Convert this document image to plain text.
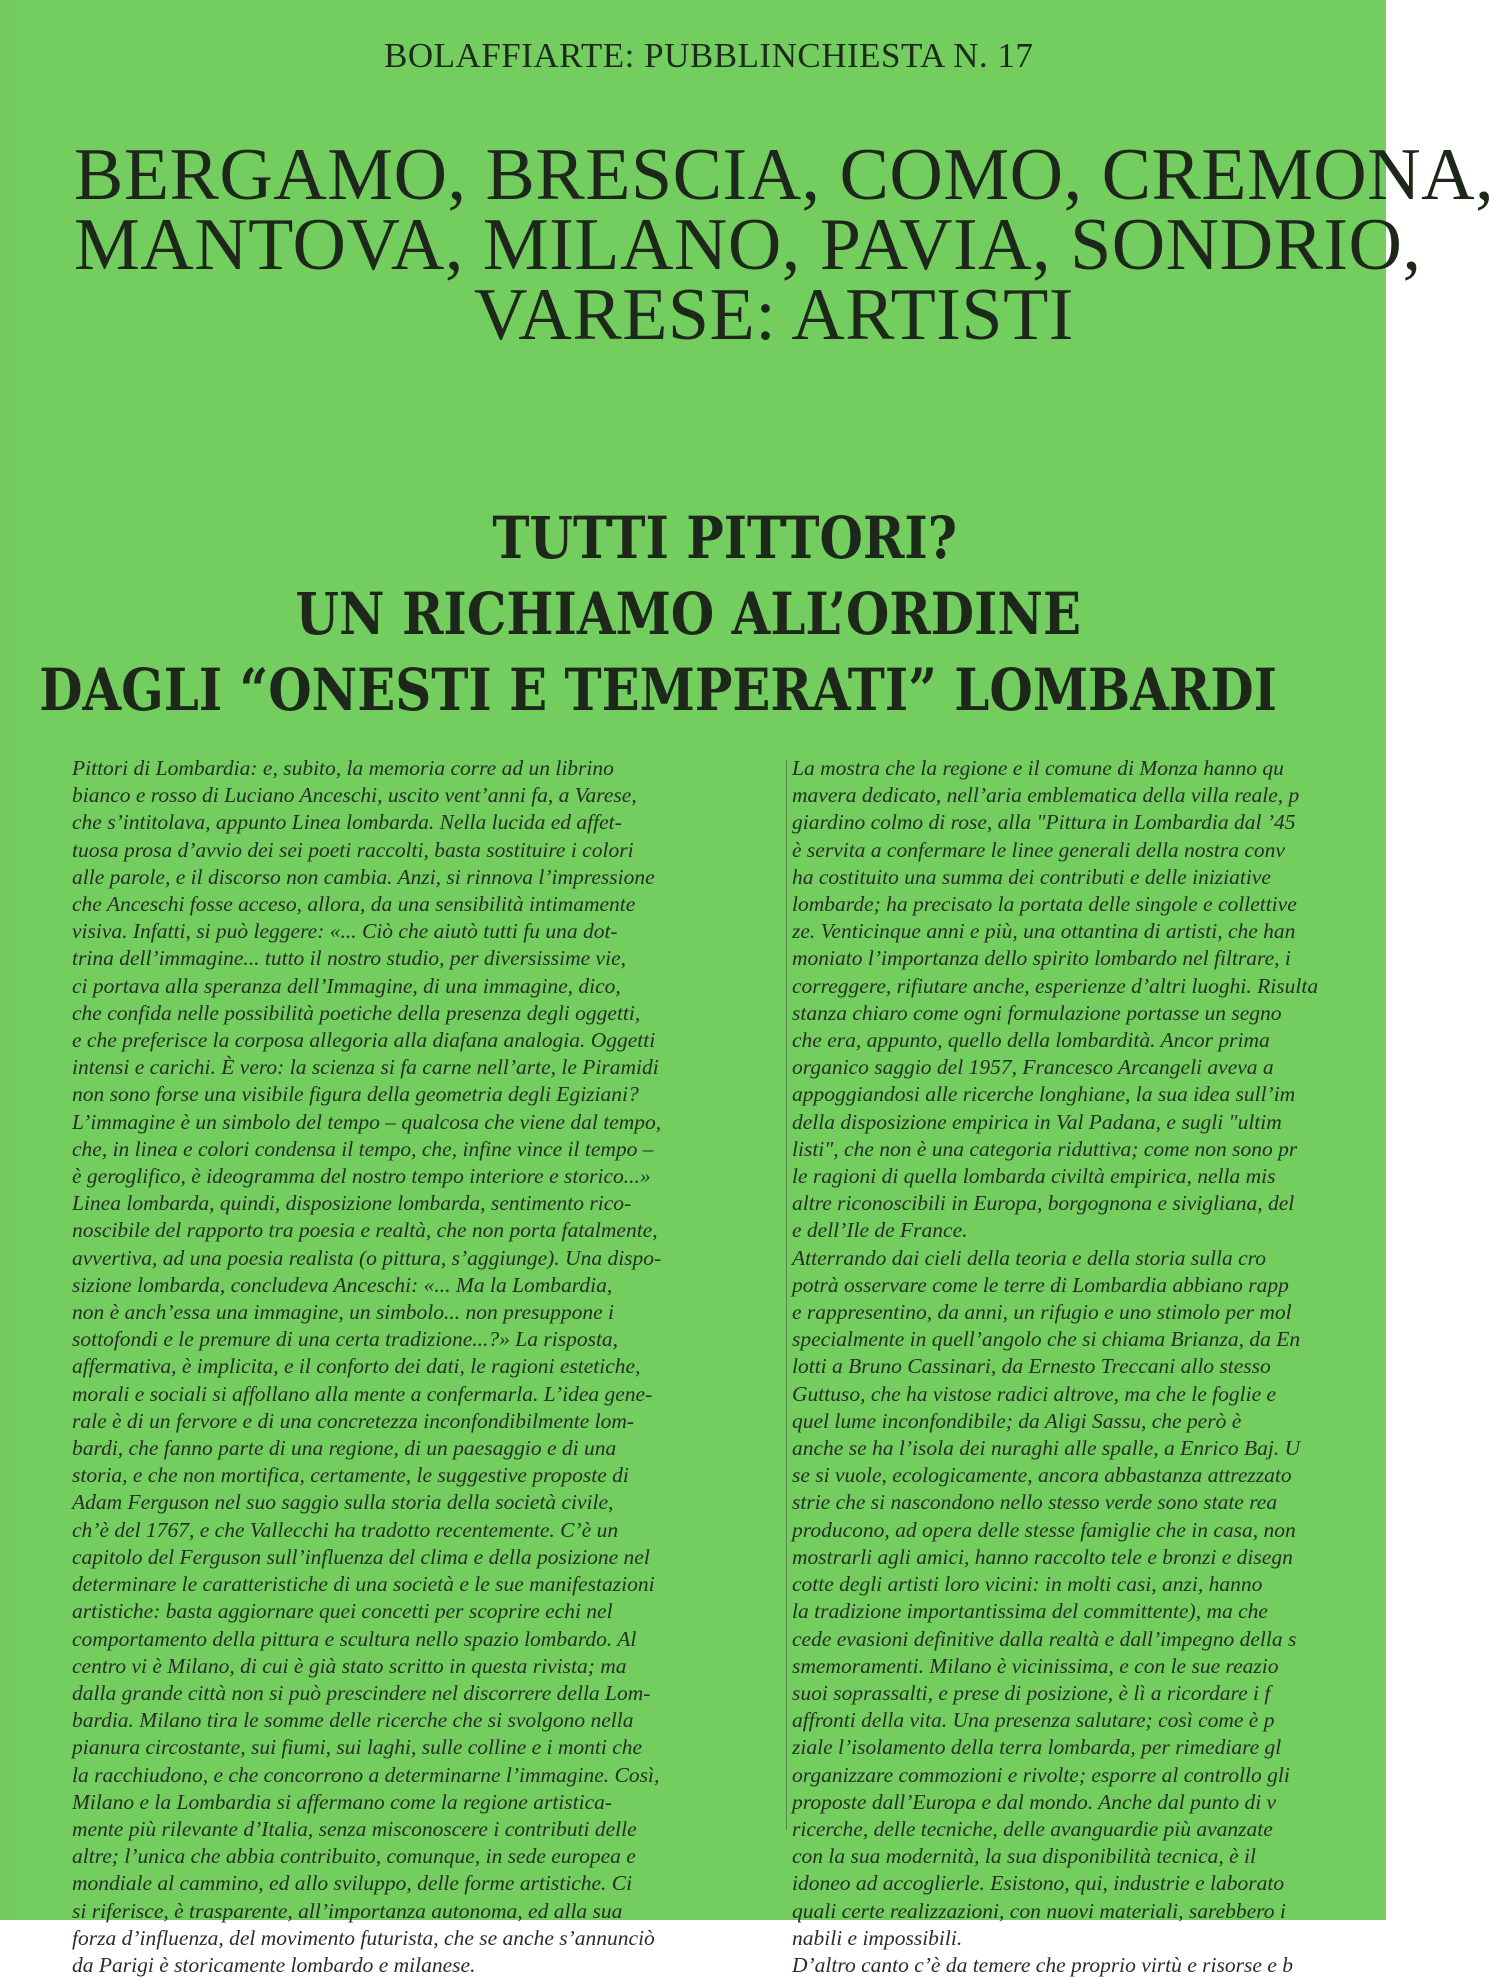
BOLAFFIARTE: PUBBLINCHIESTA N. 17
BERGAMO, BRESCIA, COMO, CREMONA,
MANTOVA, MILANO, PAVIA, SONDRIO,
VARESE: ARTISTI
TUTTI PITTORI?
UN RICHIAMO ALL’ORDINE
DAGLI “ONESTI E TEMPERATI” LOMBARDI
Pittori di Lombardia: e, subito, la memoria corre ad un librino
bianco e rosso di Luciano Anceschi, uscito vent’anni fa, a Varese,
che s’intitolava, appunto Linea lombarda. Nella lucida ed affet-
tuosa prosa d’avvio dei sei poeti raccolti, basta sostituire i colori
alle parole, e il discorso non cambia. Anzi, si rinnova l’impressione
che Anceschi fosse acceso, allora, da una sensibilità intimamente
visiva. Infatti, si può leggere: «... Ciò che aiutò tutti fu una dot-
trina dell’immagine... tutto il nostro studio, per diversissime vie,
ci portava alla speranza dell’Immagine, di una immagine, dico,
che confida nelle possibilità poetiche della presenza degli oggetti,
e che preferisce la corposa allegoria alla diafana analogia. Oggetti
intensi e carichi. È vero: la scienza si fa carne nell’arte, le Piramidi
non sono forse una visibile figura della geometria degli Egiziani?
L’immagine è un simbolo del tempo – qualcosa che viene dal tempo,
che, in linea e colori condensa il tempo, che, infine vince il tempo –
è geroglifico, è ideogramma del nostro tempo interiore e storico...»
Linea lombarda, quindi, disposizione lombarda, sentimento rico-
noscibile del rapporto tra poesia e realtà, che non porta fatalmente,
avvertiva, ad una poesia realista (o pittura, s’aggiunge). Una dispo-
sizione lombarda, concludeva Anceschi: «... Ma la Lombardia,
non è anch’essa una immagine, un simbolo... non presuppone i
sottofondi e le premure di una certa tradizione...?» La risposta,
affermativa, è implicita, e il conforto dei dati, le ragioni estetiche,
morali e sociali si affollano alla mente a confermarla. L’idea gene-
rale è di un fervore e di una concretezza inconfondibilmente lom-
bardi, che fanno parte di una regione, di un paesaggio e di una
storia, e che non mortifica, certamente, le suggestive proposte di
Adam Ferguson nel suo saggio sulla storia della società civile,
ch’è del 1767, e che Vallecchi ha tradotto recentemente. C’è un
capitolo del Ferguson sull’influenza del clima e della posizione nel
determinare le caratteristiche di una società e le sue manifestazioni
artistiche: basta aggiornare quei concetti per scoprire echi nel
comportamento della pittura e scultura nello spazio lombardo. Al
centro vi è Milano, di cui è già stato scritto in questa rivista; ma
dalla grande città non si può prescindere nel discorrere della Lom-
bardia. Milano tira le somme delle ricerche che si svolgono nella
pianura circostante, sui fiumi, sui laghi, sulle colline e i monti che
la racchiudono, e che concorrono a determinarne l’immagine. Così,
Milano e la Lombardia si affermano come la regione artistica-
mente più rilevante d’Italia, senza misconoscere i contributi delle
altre; l’unica che abbia contribuito, comunque, in sede europea e
mondiale al cammino, ed allo sviluppo, delle forme artistiche. Ci
si riferisce, è trasparente, all’importanza autonoma, ed alla sua
forza d’influenza, del movimento futurista, che se anche s’annunciò
da Parigi è storicamente lombardo e milanese.
La mostra che la regione e il comune di Monza hanno qu
mavera dedicato, nell’aria emblematica della villa reale, p
giardino colmo di rose, alla "Pittura in Lombardia dal ’45
è servita a confermare le linee generali della nostra conv
ha costituito una summa dei contributi e delle iniziative
lombarde; ha precisato la portata delle singole e collettive
ze. Venticinque anni e più, una ottantina di artisti, che han
moniato l’importanza dello spirito lombardo nel filtrare, i
correggere, rifiutare anche, esperienze d’altri luoghi. Risulta
stanza chiaro come ogni formulazione portasse un segno
che era, appunto, quello della lombardità. Ancor prima
organico saggio del 1957, Francesco Arcangeli aveva a
appoggiandosi alle ricerche longhiane, la sua idea sull’im
della disposizione empirica in Val Padana, e sugli "ultim
listi", che non è una categoria riduttiva; come non sono pr
le ragioni di quella lombarda civiltà empirica, nella mis
altre riconoscibili in Europa, borgognona e sivigliana, del
e dell’Ile de France.
Atterrando dai cieli della teoria e della storia sulla cro
potrà osservare come le terre di Lombardia abbiano rapp
e rappresentino, da anni, un rifugio e uno stimolo per mol
specialmente in quell’angolo che si chiama Brianza, da En
lotti a Bruno Cassinari, da Ernesto Treccani allo stesso
Guttuso, che ha vistose radici altrove, ma che le foglie e
quel lume inconfondibile; da Aligi Sassu, che però è
anche se ha l’isola dei nuraghi alle spalle, a Enrico Baj. U
se si vuole, ecologicamente, ancora abbastanza attrezzato
strie che si nascondono nello stesso verde sono state rea
producono, ad opera delle stesse famiglie che in casa, non
mostrarli agli amici, hanno raccolto tele e bronzi e disegn
cotte degli artisti loro vicini: in molti casi, anzi, hanno
la tradizione importantissima del committente), ma che
cede evasioni definitive dalla realtà e dall’impegno della s
smemoramenti. Milano è vicinissima, e con le sue reazio
suoi soprassalti, e prese di posizione, è lì a ricordare i f
affronti della vita. Una presenza salutare; così come è p
ziale l’isolamento della terra lombarda, per rimediare gl
organizzare commozioni e rivolte; esporre al controllo gli
proposte dall’Europa e dal mondo. Anche dal punto di v
ricerche, delle tecniche, delle avanguardie più avanzate
con la sua modernità, la sua disponibilità tecnica, è il
idoneo ad accoglierle. Esistono, qui, industrie e laborato
quali certe realizzazioni, con nuovi materiali, sarebbero i
nabili e impossibili.
D’altro canto c’è da temere che proprio virtù e risorse e b
